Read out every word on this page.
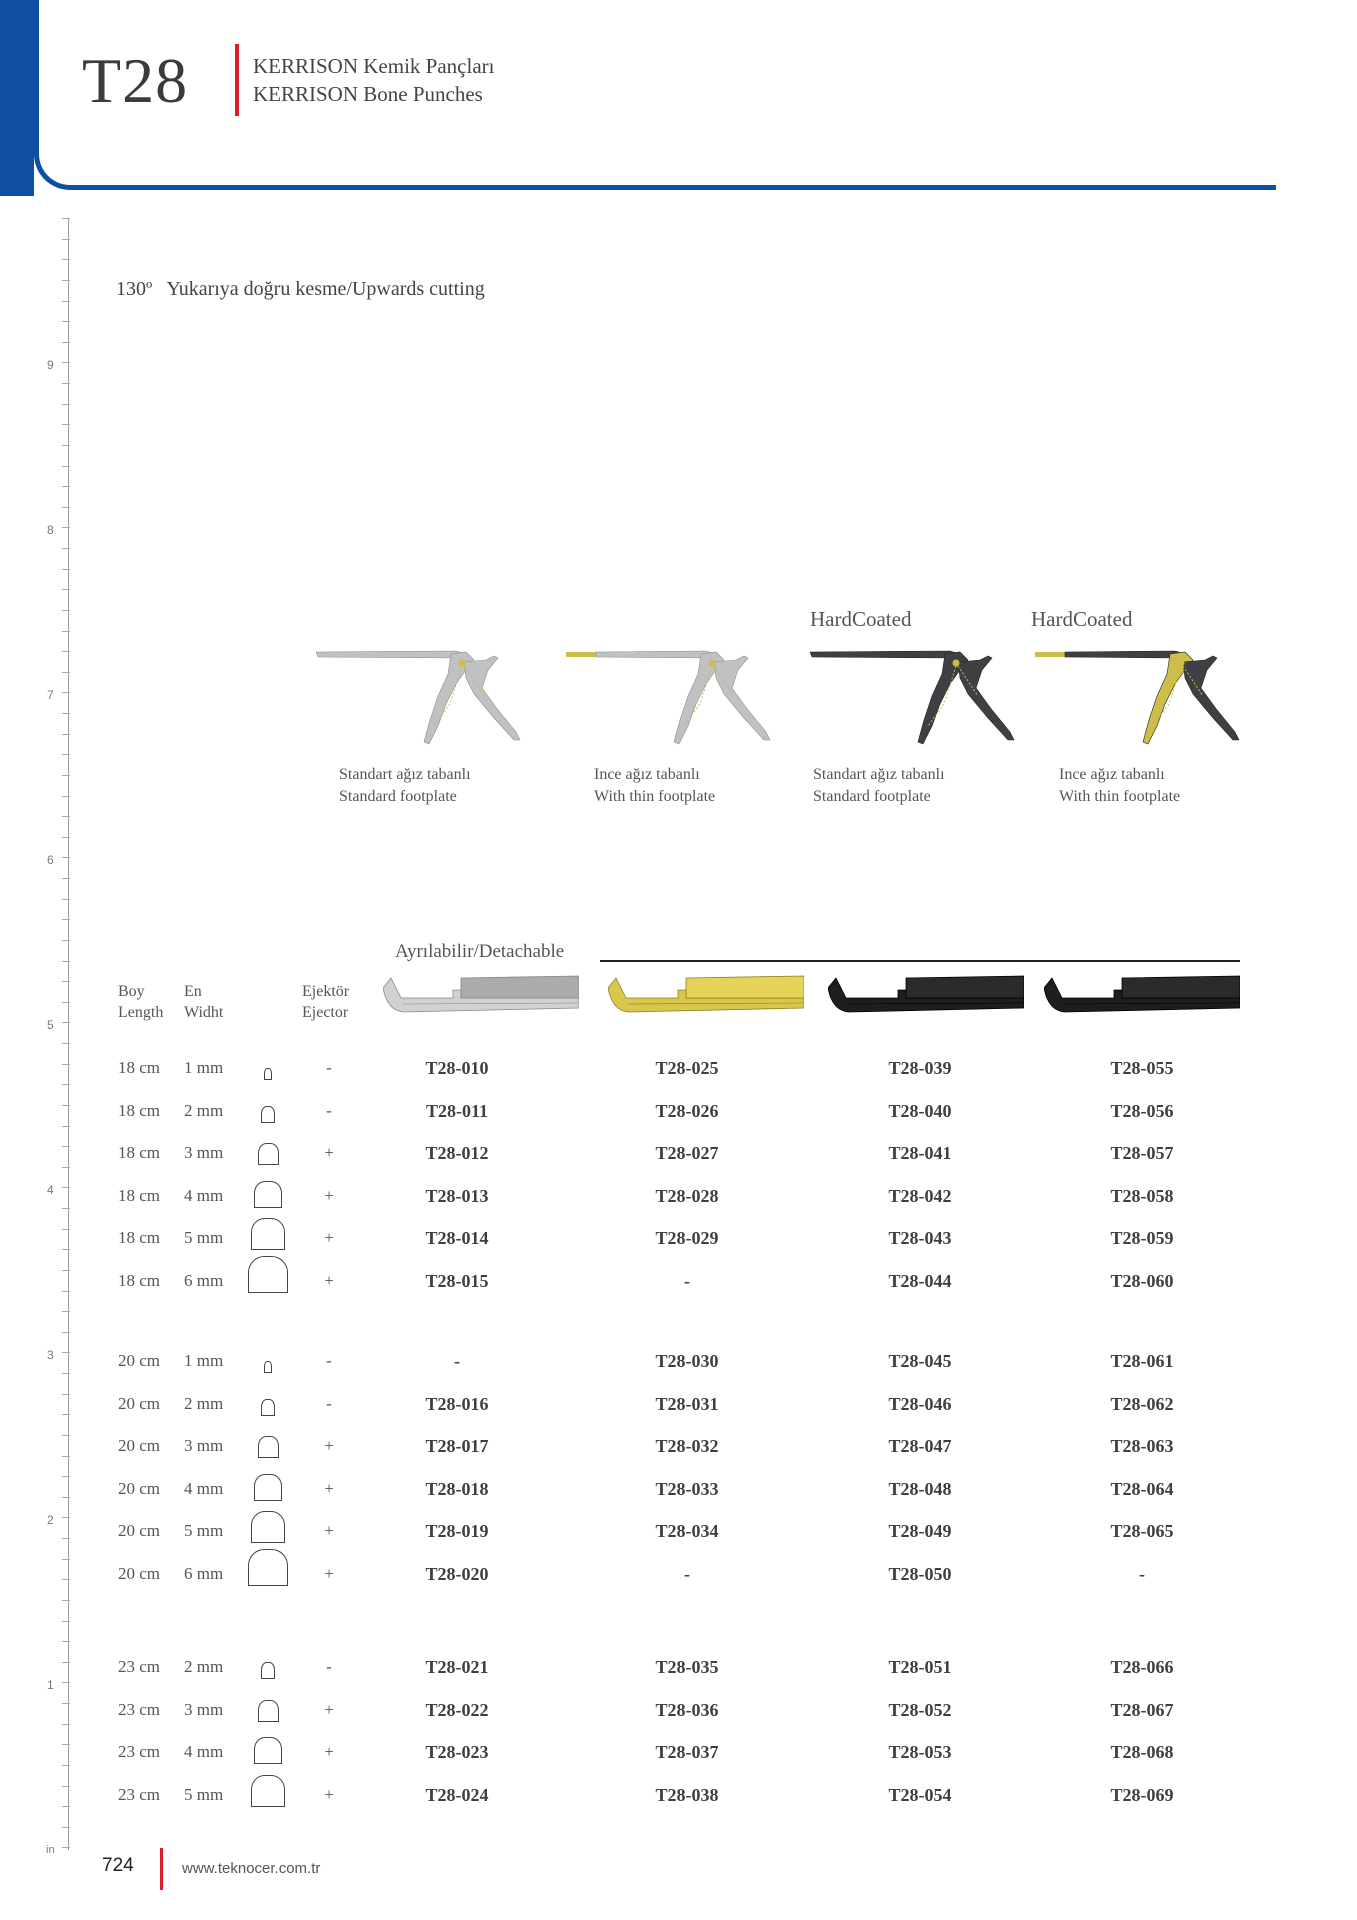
T28	KERRISON Kemik Pançları
KERRISON Bone Punches
9
8
7
6
5
4
3
2
1
in
130º Yukarıya doğru kesme/Upwards cutting
HardCoated	HardCoated
Standart ağız tabanlı
Standard footplate
Ince ağız tabanlı
With thin footplate
Standart ağız tabanlı
Standard footplate
Ince ağız tabanlı
With thin footplate
Ayrılabilir/Detachable
Boy
Length
En
Widht
Ejektör
Ejector
18 cm 1 mm	-	T28-010	T28-025	T28-039	T28-055
18 cm 2 mm	-	T28-011	T28-026	T28-040	T28-056
18 cm 3 mm	+	T28-012	T28-027	T28-041	T28-057
18 cm 4 mm	+	T28-013	T28-028	T28-042	T28-058
18 cm 5 mm	+	T28-014	T28-029	T28-043	T28-059
18 cm 6 mm	+	T28-015	-	T28-044	T28-060
20 cm 1 mm	-	-	T28-030	T28-045	T28-061
20 cm 2 mm	-	T28-016	T28-031	T28-046	T28-062
20 cm 3 mm	+	T28-017	T28-032	T28-047	T28-063
20 cm 4 mm	+	T28-018	T28-033	T28-048	T28-064
20 cm 5 mm	+	T28-019	T28-034	T28-049	T28-065
20 cm 6 mm	+	T28-020	-	T28-050	-
23 cm 2 mm	-	T28-021	T28-035	T28-051	T28-066
23 cm 3 mm	+	T28-022	T28-036	T28-052	T28-067
23 cm 4 mm	+	T28-023	T28-037	T28-053	T28-068
23 cm 5 mm	+	T28-024	T28-038	T28-054	T28-069
724	www.teknocer.com.tr
